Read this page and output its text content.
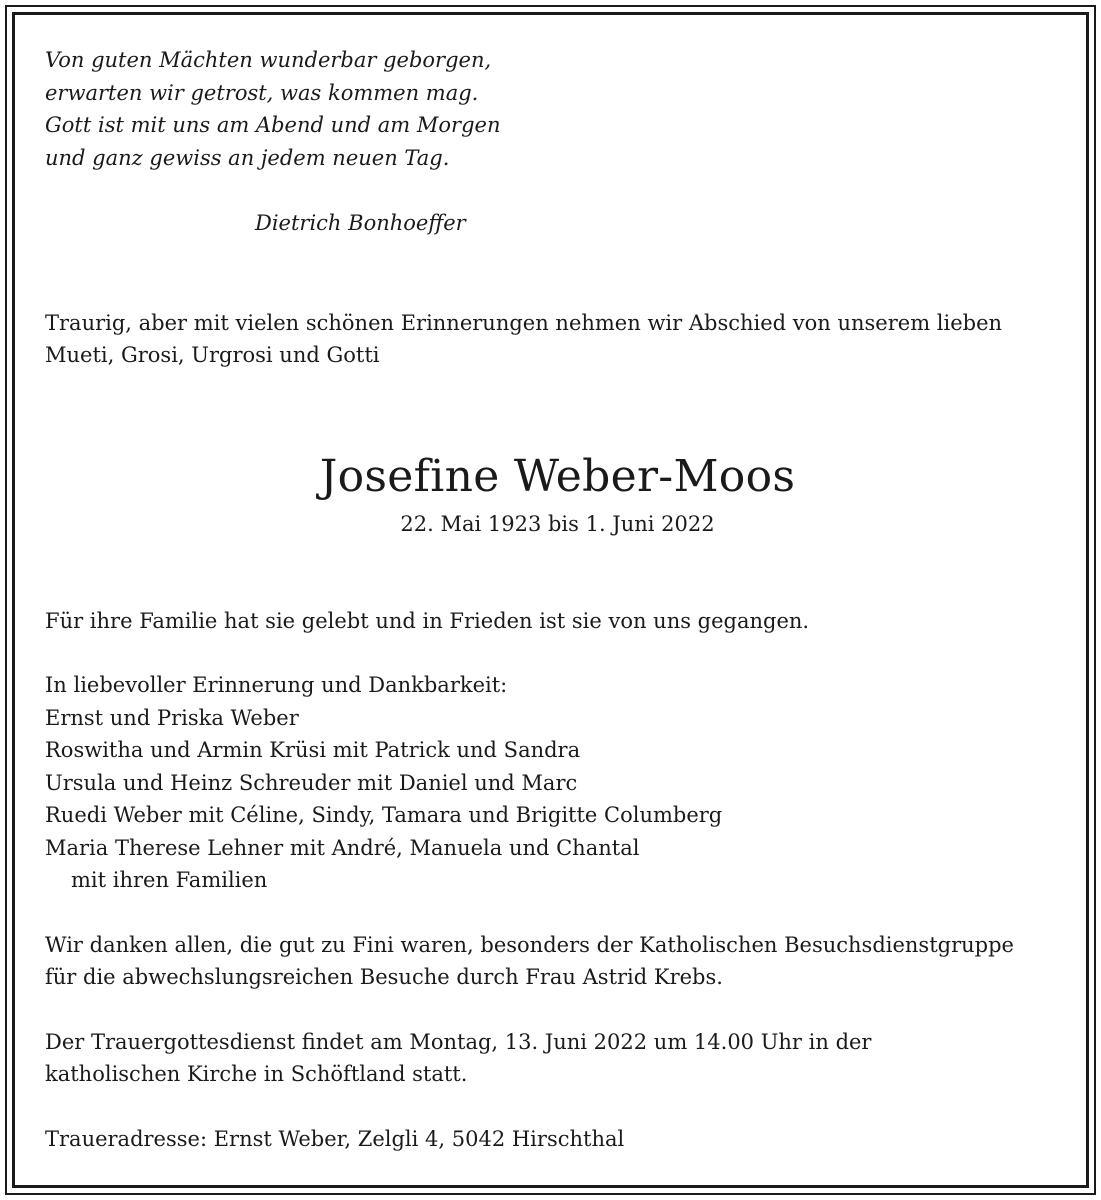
Von guten Mächten wunderbar geborgen,
erwarten wir getrost, was kommen mag.
Gott ist mit uns am Abend und am Morgen
und ganz gewiss an jedem neuen Tag.
Dietrich Bonhoeffer
Traurig, aber mit vielen schönen Erinnerungen nehmen wir Abschied von unserem lieben
Mueti, Grosi, Urgrosi und Gotti
Josefine Weber-Moos
22. Mai 1923 bis 1. Juni 2022
Für ihre Familie hat sie gelebt und in Frieden ist sie von uns gegangen.
In liebevoller Erinnerung und Dankbarkeit:
Ernst und Priska Weber
Roswitha und Armin Krüsi mit Patrick und Sandra
Ursula und Heinz Schreuder mit Daniel und Marc
Ruedi Weber mit Céline, Sindy, Tamara und Brigitte Columberg
Maria Therese Lehner mit André, Manuela und Chantal
mit ihren Familien
Wir danken allen, die gut zu Fini waren, besonders der Katholischen Besuchsdienstgruppe
für die abwechslungsreichen Besuche durch Frau Astrid Krebs.
Der Trauergottesdienst findet am Montag, 13. Juni 2022 um 14.00 Uhr in der
katholischen Kirche in Schöftland statt.
Traueradresse: Ernst Weber, Zelgli 4, 5042 Hirschthal
